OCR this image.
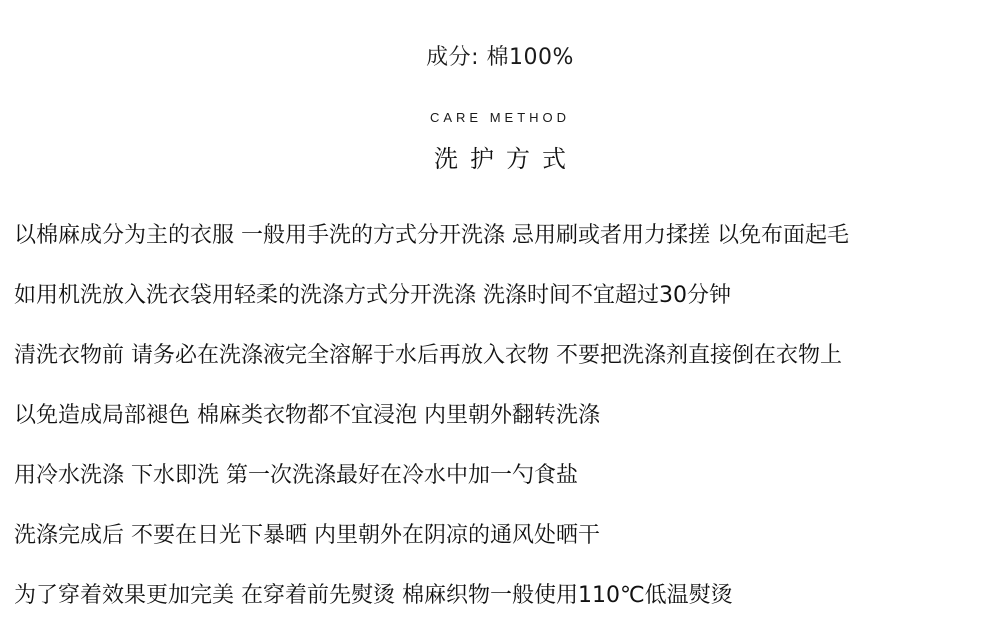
成分: 棉100%
CARE METHOD
洗护方式
以棉麻成分为主的衣服 一般用手洗的方式分开洗涤 忌用刷或者用力揉搓 以免布面起毛
如用机洗放入洗衣袋用轻柔的洗涤方式分开洗涤 洗涤时间不宜超过30分钟
清洗衣物前 请务必在洗涤液完全溶解于水后再放入衣物 不要把洗涤剂直接倒在衣物上
以免造成局部褪色 棉麻类衣物都不宜浸泡 内里朝外翻转洗涤
用冷水洗涤 下水即洗 第一次洗涤最好在冷水中加一勺食盐
洗涤完成后 不要在日光下暴晒 内里朝外在阴凉的通风处晒干
为了穿着效果更加完美 在穿着前先熨烫 棉麻织物一般使用110℃低温熨烫
